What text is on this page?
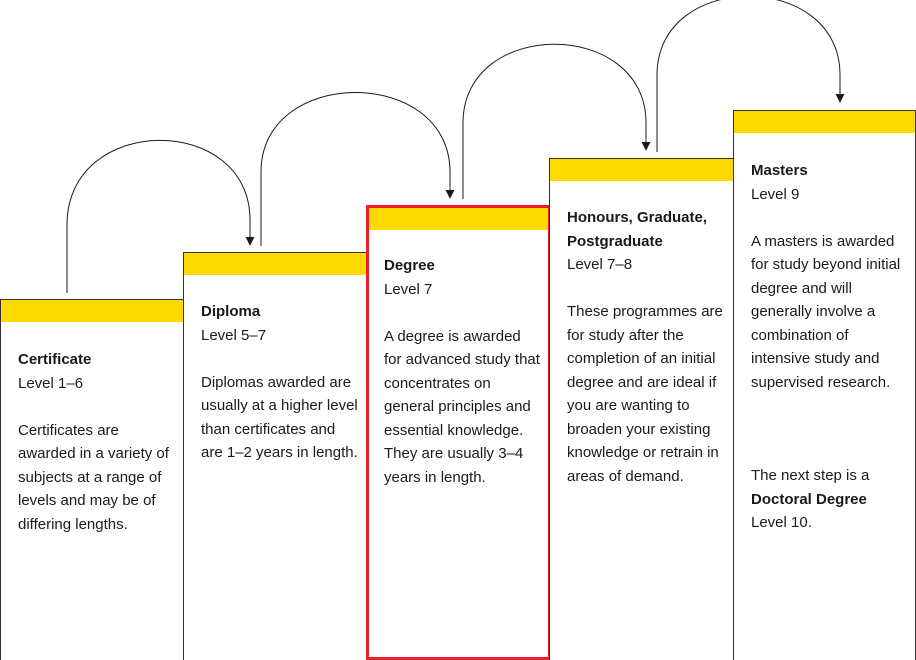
Certificate
Level 1–6
Certificates are awarded in a variety of subjects at a range of levels and may be of differing lengths.
Diploma
Level 5–7
Diplomas awarded are usually at a higher level than certificates and are 1–2 years in length.
Degree
Level 7
A degree is awarded for advanced study that concentrates on general principles and essential knowledge. They are usually 3–4 years in length.
Honours, Graduate, Postgraduate
Level 7–8
These programmes are for study after the completion of an initial degree and are ideal if you are wanting to broaden your existing knowledge or retrain in areas of demand.
Masters
Level 9
A masters is awarded for study beyond initial degree and will generally involve a combination of intensive study and supervised research.
The next step is a
Doctoral Degree
Level 10.
